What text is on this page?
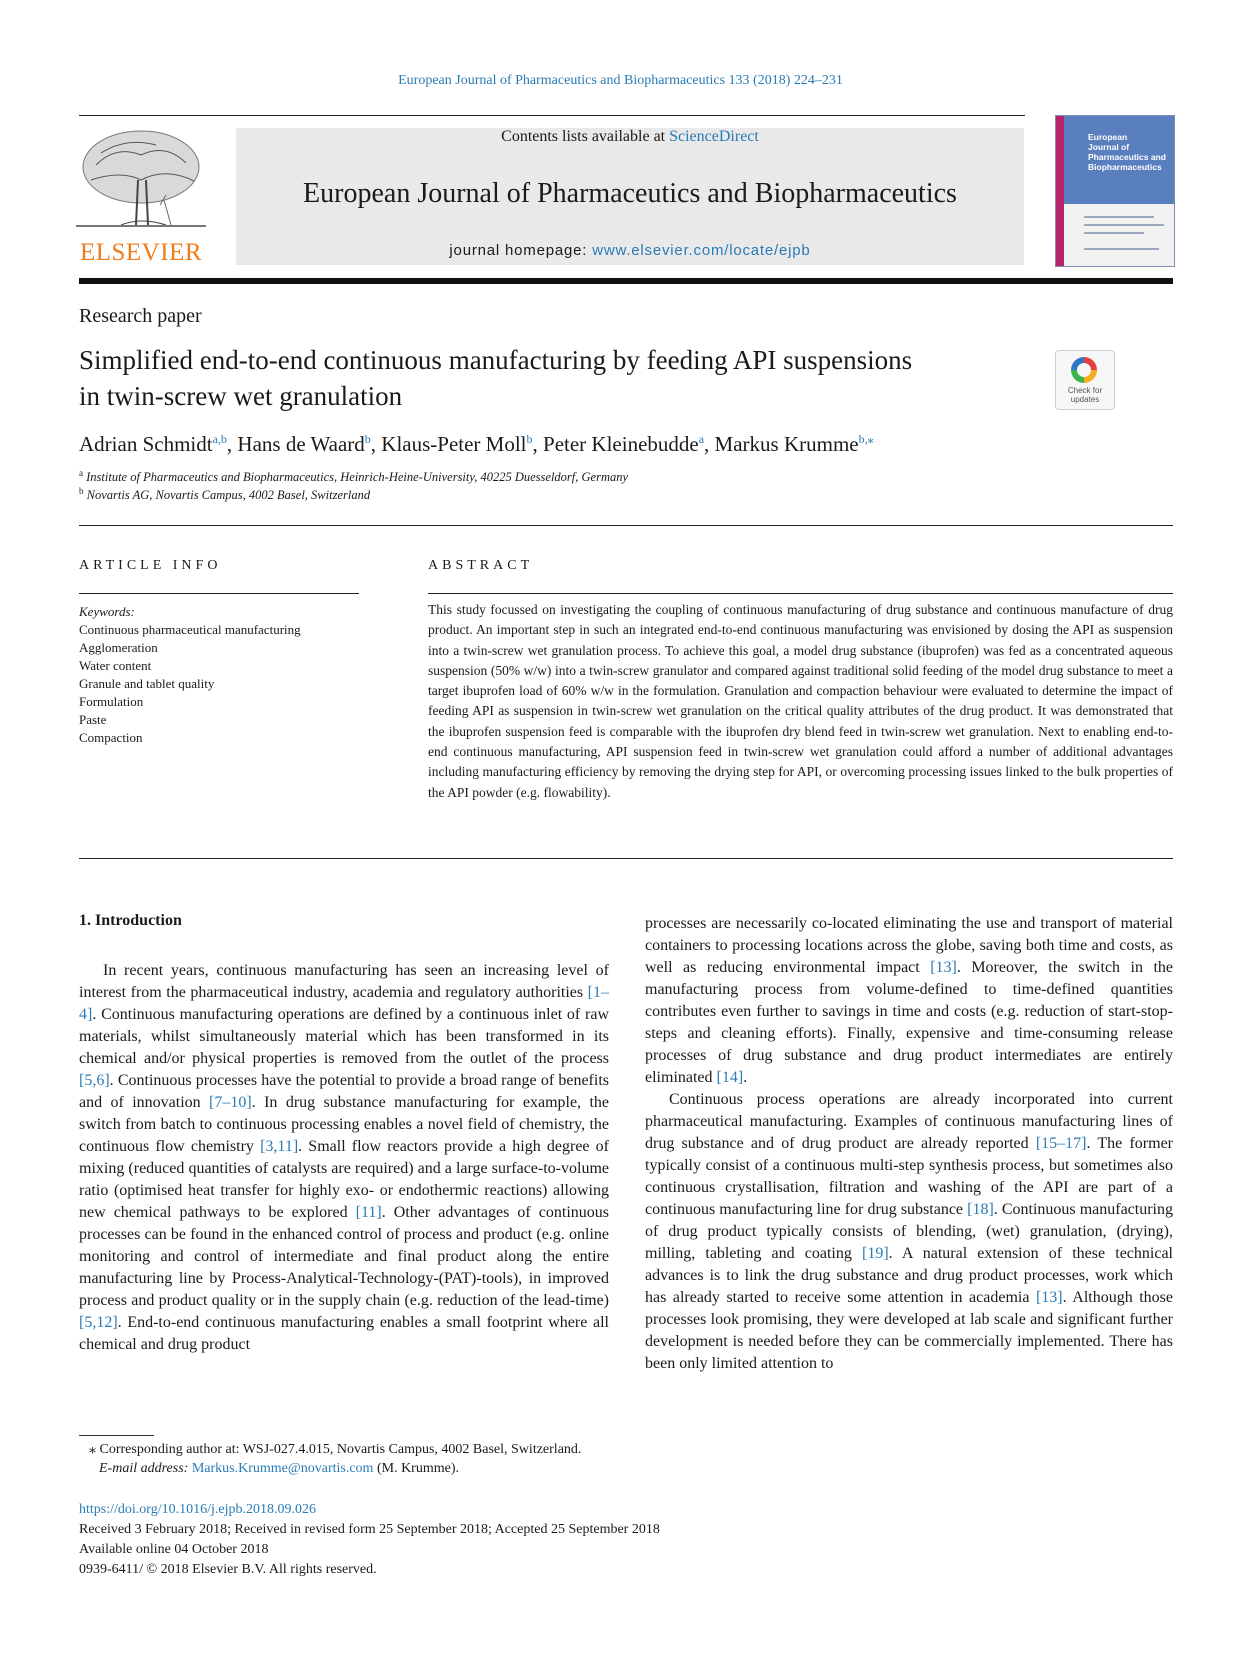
European Journal of Pharmaceutics and Biopharmaceutics 133 (2018) 224–231
ELSEVIER
Contents lists available at ScienceDirect
European Journal of Pharmaceutics and Biopharmaceutics
journal homepage: www.elsevier.com/locate/ejpb
European
Journal of
Pharmaceutics and
Biopharmaceutics
Research paper
Simplified end-to-end continuous manufacturing by feeding API suspensions
in twin-screw wet granulation	Check for
updates
Adrian Schmidt$^{a,b}$, Hans de Waard$^b$, Klaus-Peter Moll$^b$, Peter Kleinebudde$^a$, Markus Krumme$^{b,⁎}$
$^a$ Institute of Pharmaceutics and Biopharmaceutics, Heinrich-Heine-University, 40225 Duesseldorf, Germany
$^b$ Novartis AG, Novartis Campus, 4002 Basel, Switzerland
ARTICLE INFO
Keywords:
Continuous pharmaceutical manufacturing
Agglomeration
Water content
Granule and tablet quality
Formulation
Paste
Compaction
ABSTRACT
This study focussed on investigating the coupling of continuous manufacturing of drug substance and continuous manufacture of drug product. An important step in such an integrated end-to-end continuous manufacturing was envisioned by dosing the API as suspension into a twin-screw wet granulation process. To achieve this goal, a model drug substance (ibuprofen) was fed as a concentrated aqueous suspension (50% w/w) into a twin-screw granulator and compared against traditional solid feeding of the model drug substance to meet a target ibuprofen load of 60% w/w in the formulation. Granulation and compaction behaviour were evaluated to determine the impact of feeding API as suspension in twin-screw wet granulation on the critical quality attributes of the drug product. It was demonstrated that the ibuprofen suspension feed is comparable with the ibuprofen dry blend feed in twin-screw wet granulation. Next to enabling end-to-end continuous manufacturing, API suspension feed in twin-screw wet granulation could afford a number of additional advantages including manufacturing efficiency by removing the drying step for API, or overcoming processing issues linked to the bulk properties of the API powder (e.g. flowability).
1. Introduction

In recent years, continuous manufacturing has seen an increasing level of interest from the pharmaceutical industry, academia and regulatory authorities [1–4]. Continuous manufacturing operations are defined by a continuous inlet of raw materials, whilst simultaneously material which has been transformed in its chemical and/or physical properties is removed from the outlet of the process [5,6]. Continuous processes have the potential to provide a broad range of benefits and of innovation [7–10]. In drug substance manufacturing for example, the switch from batch to continuous processing enables a novel field of chemistry, the continuous flow chemistry [3,11]. Small flow reactors provide a high degree of mixing (reduced quantities of catalysts are required) and a large surface-to-volume ratio (optimised heat transfer for highly exo- or endothermic reactions) allowing new chemical pathways to be explored [11]. Other advantages of continuous processes can be found in the enhanced control of process and product (e.g. online monitoring and control of intermediate and final product along the entire manufacturing line by Process-Analytical-Technology-(PAT)-tools), in improved process and product quality or in the supply chain (e.g. reduction of the lead-time) [5,12]. End-to-end continuous manufacturing enables a small footprint where all chemical and drug product

processes are necessarily co-located eliminating the use and transport of material containers to processing locations across the globe, saving both time and costs, as well as reducing environmental impact [13]. Moreover, the switch in the manufacturing process from volume-defined to time-defined quantities contributes even further to savings in time and costs (e.g. reduction of start-stop-steps and cleaning efforts). Finally, expensive and time-consuming release processes of drug substance and drug product intermediates are entirely eliminated [14].

Continuous process operations are already incorporated into current pharmaceutical manufacturing. Examples of continuous manufacturing lines of drug substance and of drug product are already reported [15–17]. The former typically consist of a continuous multi-step synthesis process, but sometimes also continuous crystallisation, filtration and washing of the API are part of a continuous manufacturing line for drug substance [18]. Continuous manufacturing of drug product typically consists of blending, (wet) granulation, (drying), milling, tableting and coating [19]. A natural extension of these technical advances is to link the drug substance and drug product processes, work which has already started to receive some attention in academia [13]. Although those processes look promising, they were developed at lab scale and significant further development is needed before they can be commercially implemented. There has been only limited attention to

⁎ Corresponding author at: WSJ-027.4.015, Novartis Campus, 4002 Basel, Switzerland.
E-mail address: Markus.Krumme@novartis.com (M. Krumme).
https://doi.org/10.1016/j.ejpb.2018.09.026
Received 3 February 2018; Received in revised form 25 September 2018; Accepted 25 September 2018
Available online 04 October 2018
0939-6411/ © 2018 Elsevier B.V. All rights reserved.
